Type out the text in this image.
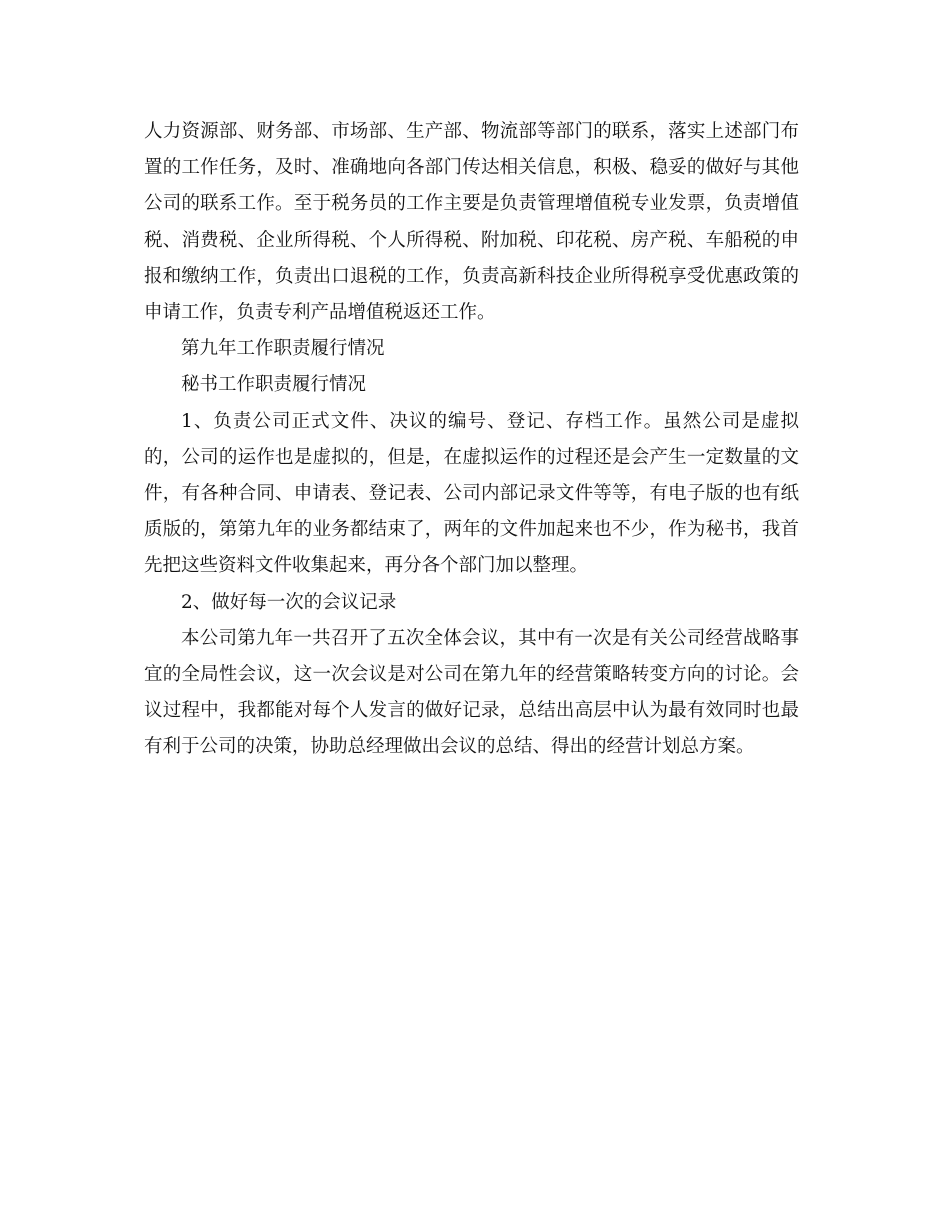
人力资源部、财务部、市场部、生产部、物流部等部门的联系，落实上述部门布置的工作任务，及时、准确地向各部门传达相关信息，积极、稳妥的做好与其他公司的联系工作。至于税务员的工作主要是负责管理增值税专业发票，负责增值税、消费税、企业所得税、个人所得税、附加税、印花税、房产税、车船税的申报和缴纳工作，负责出口退税的工作，负责高新科技企业所得税享受优惠政策的申请工作，负责专利产品增值税返还工作。

第九年工作职责履行情况

秘书工作职责履行情况

1、负责公司正式文件、决议的编号、登记、存档工作。虽然公司是虚拟的，公司的运作也是虚拟的，但是，在虚拟运作的过程还是会产生一定数量的文件，有各种合同、申请表、登记表、公司内部记录文件等等，有电子版的也有纸质版的，第第九年的业务都结束了，两年的文件加起来也不少，作为秘书，我首先把这些资料文件收集起来，再分各个部门加以整理。

2、做好每一次的会议记录

本公司第九年一共召开了五次全体会议，其中有一次是有关公司经营战略事宜的全局性会议，这一次会议是对公司在第九年的经营策略转变方向的讨论。会议过程中，我都能对每个人发言的做好记录，总结出高层中认为最有效同时也最有利于公司的决策，协助总经理做出会议的总结、得出的经营计划总方案。
